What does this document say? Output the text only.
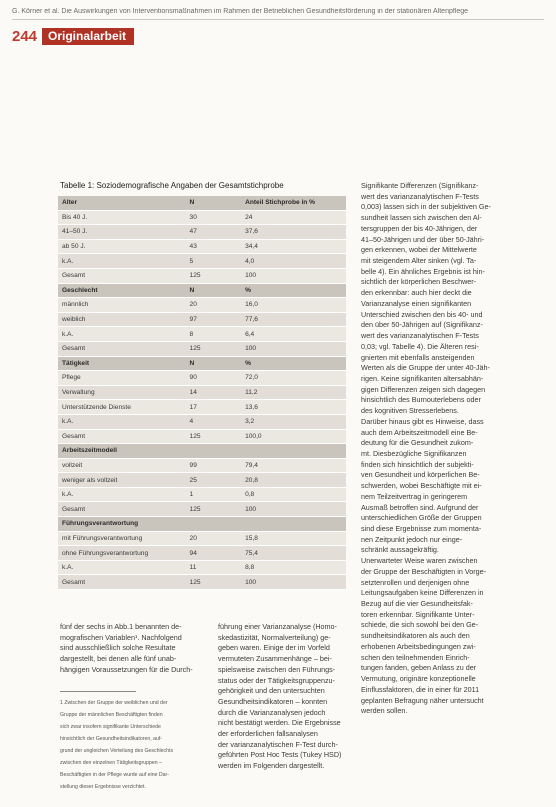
G. Körner et al. Die Auswirkungen von Interventionsmaßnahmen im Rahmen der Betrieblichen Gesundheitsförderung in der stationären Altenpflege
244 Originalarbeit
Tabelle 1: Soziodemografische Angaben der Gesamtstichprobe
Alter	N	Anteil Stichprobe in %
Bis 40 J.	30	24
41–50 J.	47	37,6
ab 50 J.	43	34,4
k.A.	5	4,0
Gesamt	125	100
Geschlecht	N	%
männlich	20	16,0
weiblich	97	77,6
k.A.	8	6,4
Gesamt	125	100
Tätigkeit	N	%
Pflege	90	72,0
Verwaltung	14	11,2
Unterstützende Dienste	17	13,6
k.A.	4	3,2
Gesamt	125	100,0
Arbeitszeitmodell		
vollzeit	99	79,4
weniger als vollzeit	25	20,8
k.A.	1	0,8
Gesamt	125	100
Führungsverantwortung		
mit Führungsverantwortung	20	15,8
ohne Führungsverantwortung	94	75,4
k.A.	11	8,8
Gesamt	125	100

Signifikante Differenzen (Signifikanz-

wert des varianzanalytischen F-Tests

0,003) lassen sich in der subjektiven Ge-

sundheit lassen sich zwischen den Al-

tersgruppen der bis 40-Jährigen, der

41–50-Jährigen und der über 50-Jähri-

gen erkennen, wobei der Mittelwerte

mit steigendem Alter sinken (vgl. Ta-

belle 4). Ein ähnliches Ergebnis ist hin-

sichtlich der körperlichen Beschwer-

den erkennbar: auch hier deckt die

Varianzanalyse einen signifikanten

Unterschied zwischen den bis 40- und

den über 50-Jährigen auf (Signifikanz-

wert des varianzanalytischen F-Tests

0,03; vgl. Tabelle 4). Die Älteren resi-

gnierten mit ebenfalls ansteigenden

Werten als die Gruppe der unter 40-Jäh-

rigen. Keine signifikanten altersabhän-

gigen Differenzen zeigen sich dagegen

hinsichtlich des Burnouterlebens oder

des kognitiven Stresserlebens.

Darüber hinaus gibt es Hinweise, dass

auch dem Arbeitszeitmodell eine Be-

deutung für die Gesundheit zukom-

mt. Diesbezügliche Signifikanzen

finden sich hinsichtlich der subjekti-

ven Gesundheit und körperlichen Be-

schwerden, wobei Beschäftigte mit ei-

nem Teilzeitvertrag in geringerem

Ausmaß betroffen sind. Aufgrund der

unterschiedlichen Größe der Gruppen

sind diese Ergebnisse zum momenta-

nen Zeitpunkt jedoch nur einge-

schränkt aussagekräftig.

Unerwarteter Weise waren zwischen

der Gruppe der Beschäftigten in Vorge-

setztenrollen und derjenigen ohne

Leitungsaufgaben keine Differenzen in

Bezug auf die vier Gesundheitsfak-

toren erkennbar. Signifikante Unter-

schiede, die sich sowohl bei den Ge-

sundheitsindikatoren als auch den

erhobenen Arbeitsbedingungen zwi-

schen den teilnehmenden Einrich-

tungen fanden, geben Anlass zu der

Vermutung, originäre konzeptionelle

Einflussfaktoren, die in einer für 2011

geplanten Befragung näher untersucht

werden sollen.

fünf der sechs in Abb.1 benannten de-

mografischen Variablen¹. Nachfolgend

sind ausschließlich solche Resultate

dargestellt, bei denen alle fünf unab-

hängigen Voraussetzungen für die Durch-

1 Zwischen der Gruppe der weiblichen und der

Gruppe der männlichen Beschäftigten finden

sich zwar insofern signifikante Unterschiede

hinsichtlich der Gesundheitsindikatoren, auf-

grund der ungleichen Verteilung des Geschlechts

zwischen den einzelnen Tätigkeitsgruppen –

Beschäftigten in der Pflege wurde auf eine Dar-

stellung dieser Ergebnisse verzichtet.

führung einer Varianzanalyse (Homo-

skedastizität, Normalverteilung) ge-

geben waren. Einige der im Vorfeld

vermuteten Zusammenhänge – bei-

spielsweise zwischen den Führungs-

status oder der Tätigkeitsgruppenzu-

gehörigkeit und den untersuchten

Gesundheitsindikatoren – konnten

durch die Varianzanalysen jedoch

nicht bestätigt werden. Die Ergebnisse

der erforderlichen fallsanalysen

der varianzanalytischen F-Test durch-

geführten Post Hoc Tests (Tukey HSD)

werden im Folgenden dargestellt.
